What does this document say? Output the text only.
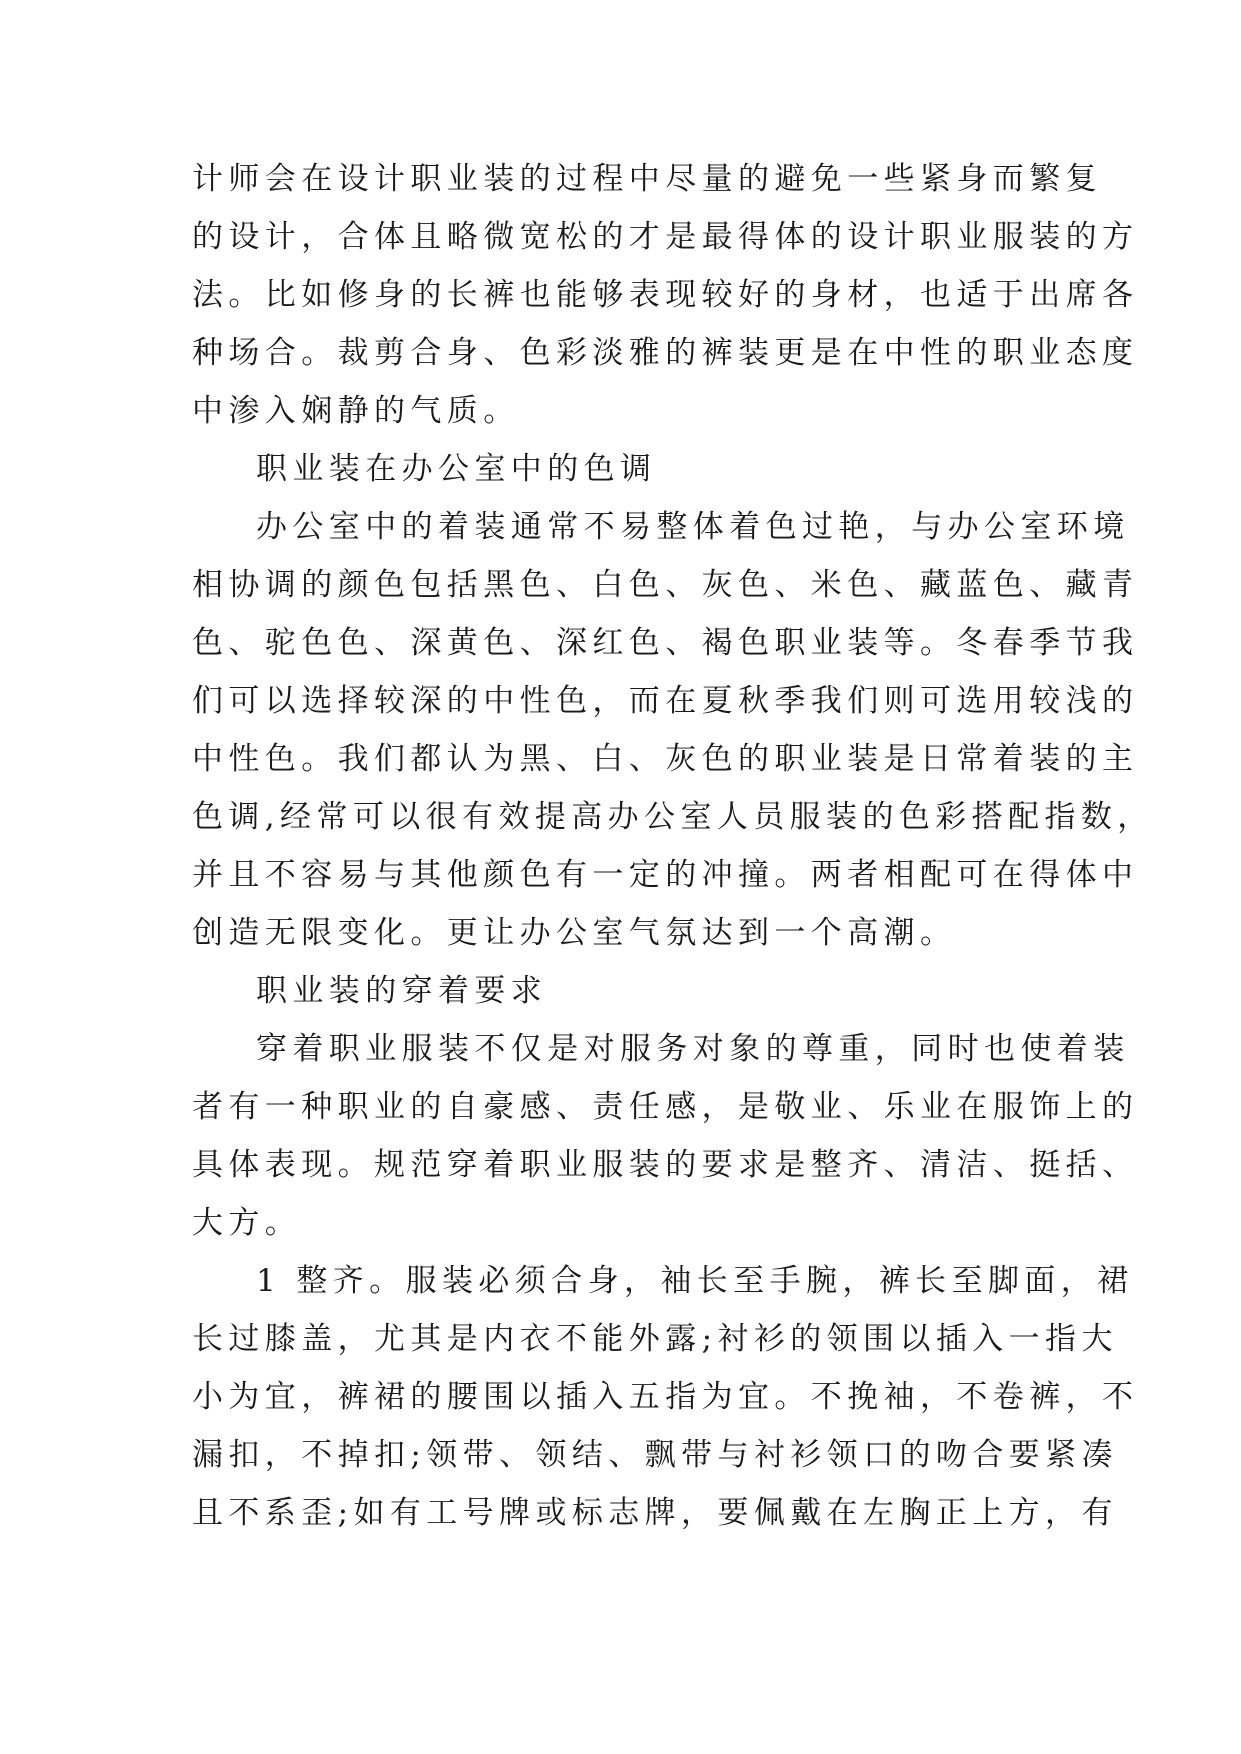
计师会在设计职业装的过程中尽量的避免一些紧身而繁复
的设计，合体且略微宽松的才是最得体的设计职业服装的方
法。比如修身的长裤也能够表现较好的身材，也适于出席各
种场合。裁剪合身、色彩淡雅的裤装更是在中性的职业态度
中渗入娴静的气质。
职业装在办公室中的色调
办公室中的着装通常不易整体着色过艳，与办公室环境
相协调的颜色包括黑色、白色、灰色、米色、藏蓝色、藏青
色、驼色色、深黄色、深红色、褐色职业装等。冬春季节我
们可以选择较深的中性色，而在夏秋季我们则可选用较浅的
中性色。我们都认为黑、白、灰色的职业装是日常着装的主
色调,经常可以很有效提高办公室人员服装的色彩搭配指数，
并且不容易与其他颜色有一定的冲撞。两者相配可在得体中
创造无限变化。更让办公室气氛达到一个高潮。
职业装的穿着要求
穿着职业服装不仅是对服务对象的尊重，同时也使着装
者有一种职业的自豪感、责任感，是敬业、乐业在服饰上的
具体表现。规范穿着职业服装的要求是整齐、清洁、挺括、
大方。
1 整齐。服装必须合身，袖长至手腕，裤长至脚面，裙
长过膝盖，尤其是内衣不能外露;衬衫的领围以插入一指大
小为宜，裤裙的腰围以插入五指为宜。不挽袖，不卷裤，不
漏扣，不掉扣;领带、领结、飘带与衬衫领口的吻合要紧凑
且不系歪;如有工号牌或标志牌，要佩戴在左胸正上方，有
